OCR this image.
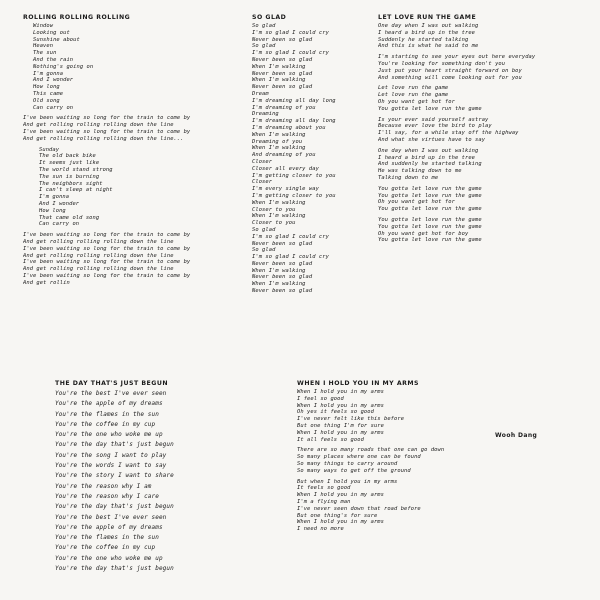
ROLLING ROLLING ROLLING
Window
Looking out
Sunshine about
Heaven
The sun
And the rain
Nothing's going on
I'm gonna
And I wonder
How long
This came
Old song
Can carry on
I've been waiting so long for the train to come by
And get rolling rolling rolling down the line
I've been waiting so long for the train to come by
And get rolling rolling rolling down the line...
Sunday
The old back bike
It seems just like
The world stand strong
The sun is burning
The neighbors sight
I can't sleep at night
I'm gonna
And I wonder
How long
That came old song
Can carry on
I've been waiting so long for the train to come by
And get rolling rolling rolling down the line
I've been waiting so long for the train to come by
And get rolling rolling rolling down the line
I've been waiting so long for the train to come by
And get rolling rolling rolling down the line
I've been waiting so long for the train to come by
And get rollin
SO GLAD
So glad
I'm so glad I could cry
Never been so glad
So glad
I'm so glad I could cry
Never been so glad
When I'm walking
Never been so glad
When I'm walking
Never been so glad
Dream
I'm dreaming all day long
I'm dreaming of you
Dreaming
I'm dreaming all day long
I'm dreaming about you
When I'm walking
Dreaming of you
When I'm walking
And dreaming of you
Closer
Closer all every day
I'm getting closer to you
Closer
I'm every single way
I'm getting closer to you
When I'm walking
Closer to you
When I'm walking
Closer to you
So glad
I'm so glad I could cry
Never been so glad
So glad
I'm so glad I could cry
Never been so glad
When I'm walking
Never been so glad
When I'm walking
Never been so glad
LET LOVE RUN THE GAME
One day when I was out walking
I heard a bird up in the tree
Suddenly he started talking
And this is what he said to me
I'm starting to see your eyes out here everyday
You're looking for something don't you
Just put your heart straight forward on boy
And something will come looking out for you
Let love run the game
Let love run the game
Oh you want get hot for
You gotta let love run the game
Is your ever said yourself astray
Because ever love the bird to play
I'll say, for a while stay off the highway
And what she virtues have to say
One day when I was out walking
I heard a bird up in the tree
And suddenly he started talking
He was talking down to me
Talking down to me
You gotta let love run the game
You gotta let love run the game
Oh you want get hot for
You gotta let love run the game
You gotta let love run the game
You gotta let love run the game
Oh you want get hot for boy
You gotta let love run the game
THE DAY THAT'S JUST BEGUN
You're the best I've ever seen
You're the apple of my dreams
You're the flames in the sun
You're the coffee in my cup
You're the one who woke me up
You're the day that's just begun
You're the song I want to play
You're the words I want to say
You're the story I want to share
You're the reason why I am
You're the reason why I care
You're the day that's just begun
You're the best I've ever seen
You're the apple of my dreams
You're the flames in the sun
You're the coffee in my cup
You're the one who woke me up
You're the day that's just begun
WHEN I HOLD YOU IN MY ARMS
When I hold you in my arms
I feel so good
When I hold you in my arms
Oh yes it feels so good
I've never felt like this before
But one thing I'm for sure
When I hold you in my arms
It all feels so good
There are so many roads that one can go down
So many places where one can be found
So many things to carry around
So many ways to get off the ground
But when I hold you in my arms
It feels so good
When I hold you in my arms
I'm a flying man
I've never seen down that road before
But one thing's for sure
When I hold you in my arms
I need no more
Wooh Dang
